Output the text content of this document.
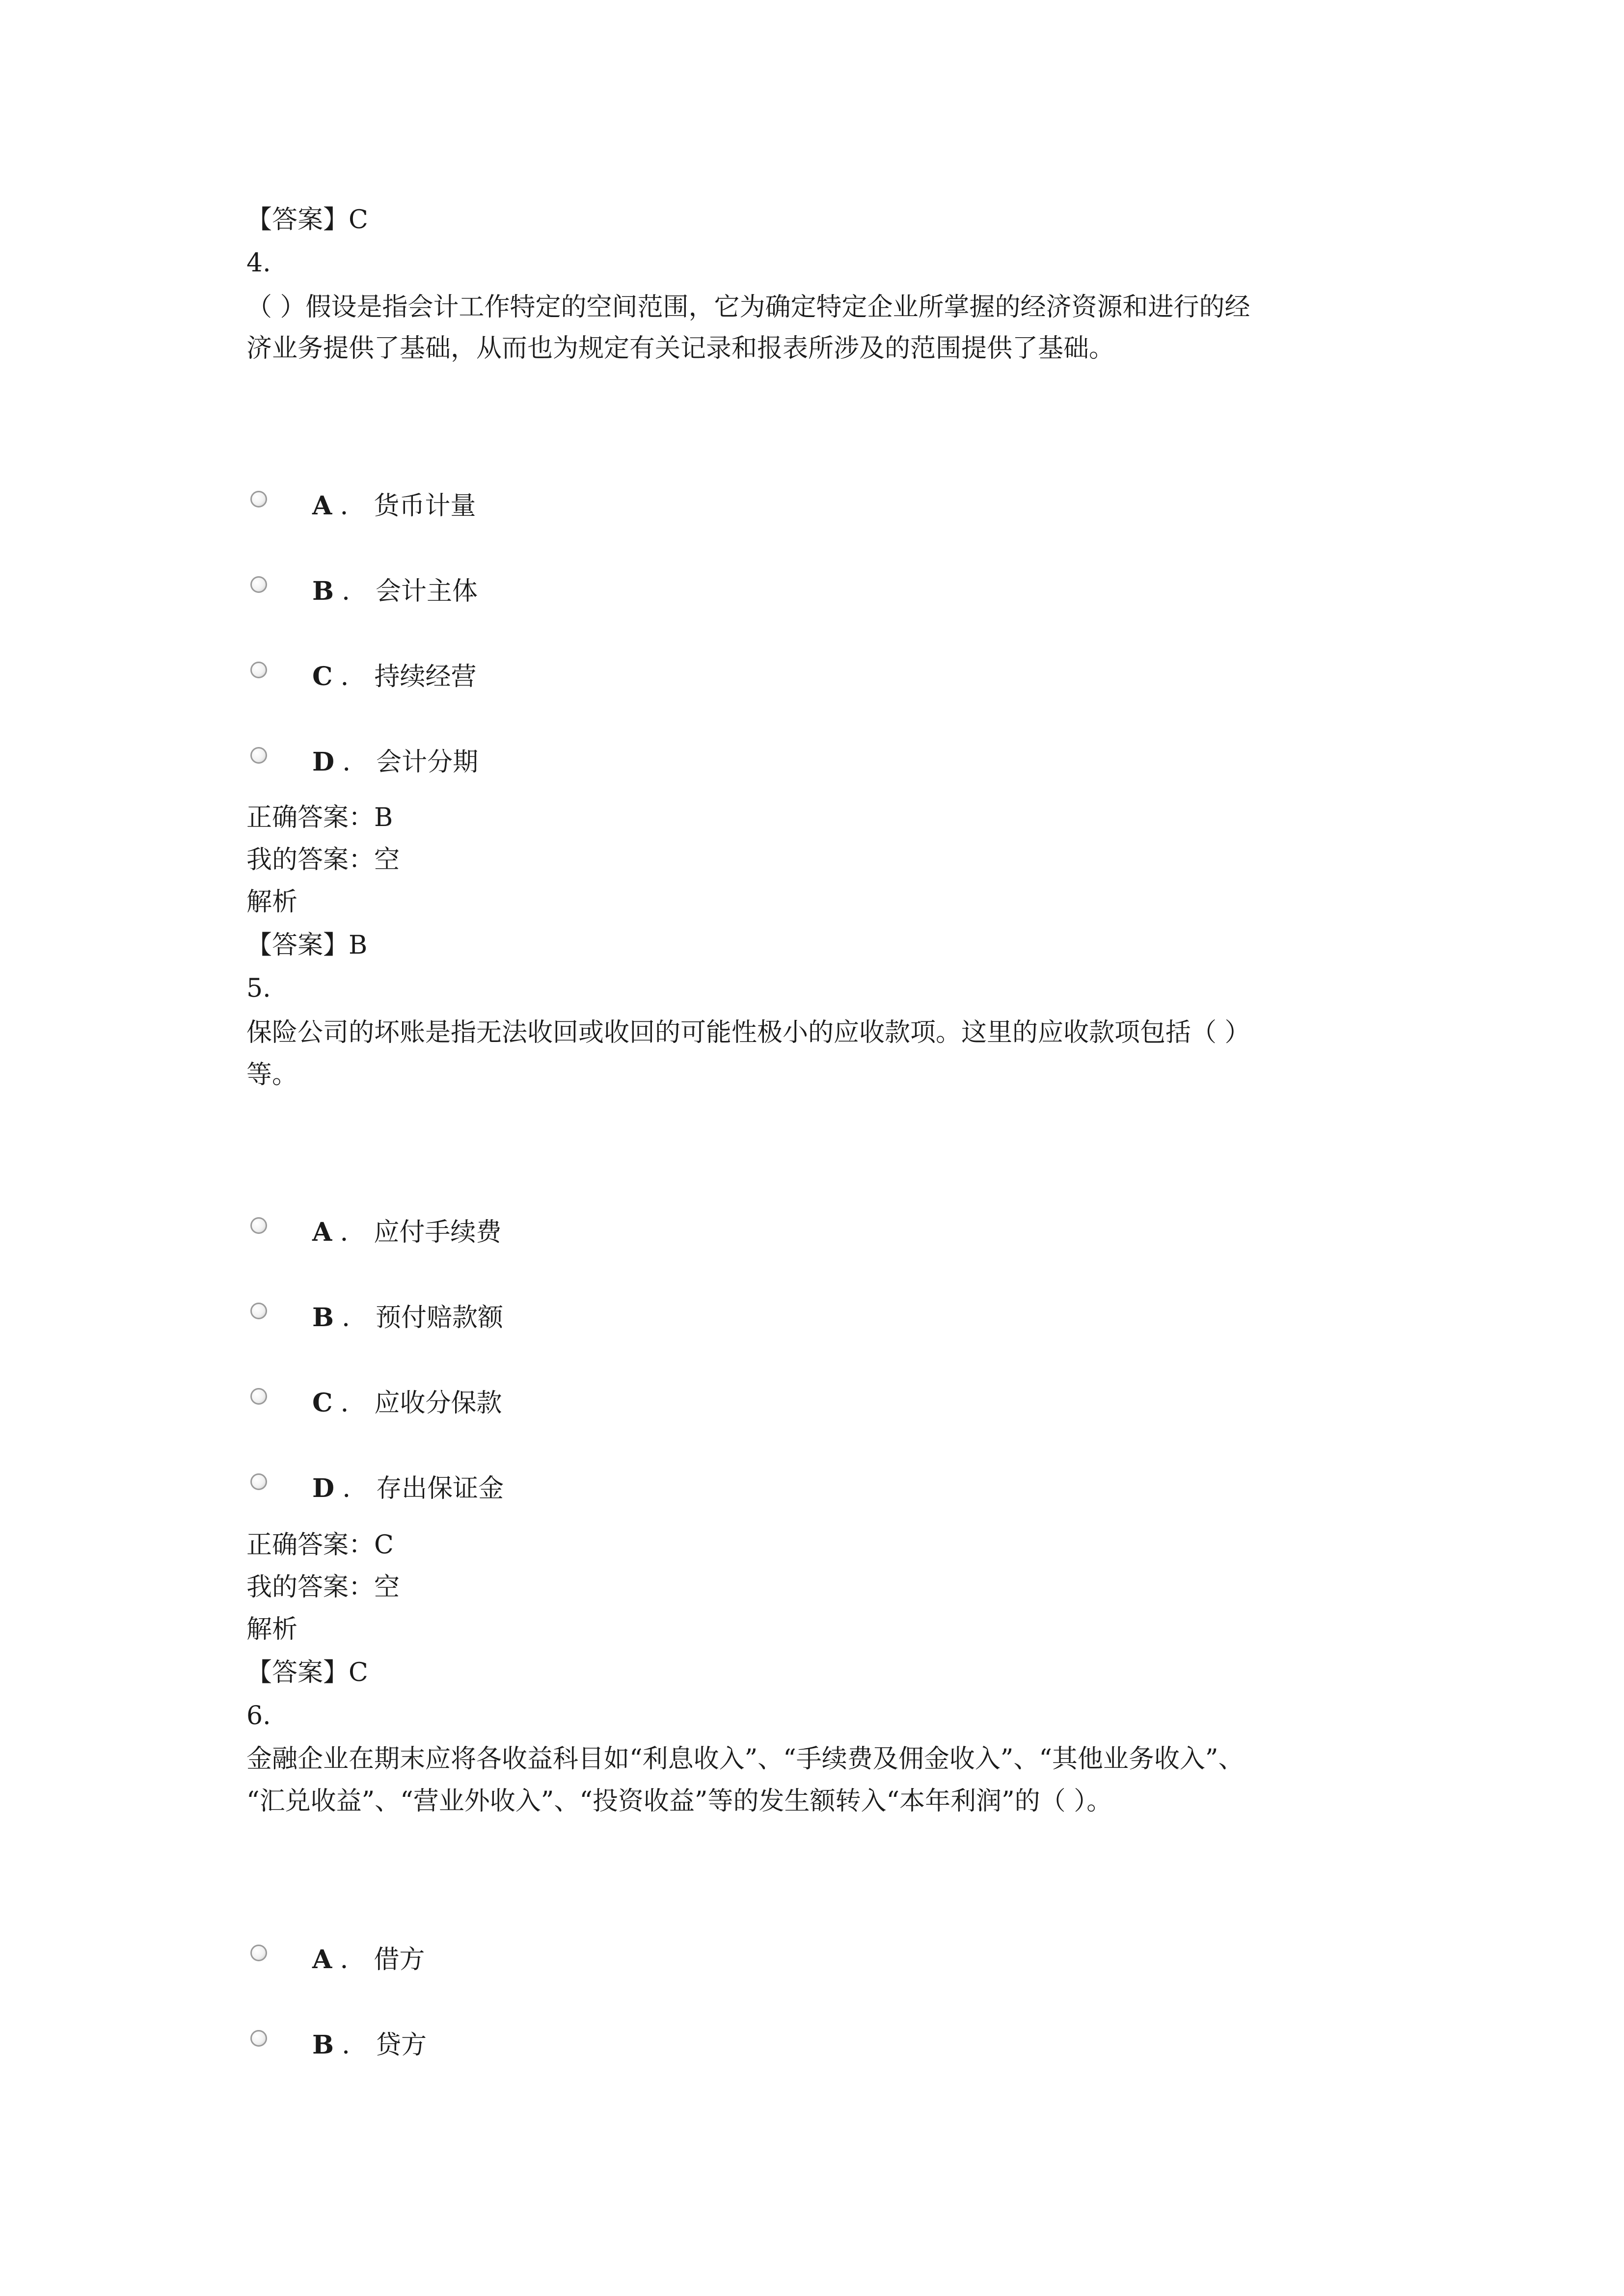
【答案】C
4.
（ ）假设是指会计工作特定的空间范围，它为确定特定企业所掌握的经济资源和进行的经
济业务提供了基础，从而也为规定有关记录和报表所涉及的范围提供了基础。
A ． 货币计量
B ． 会计主体
C ． 持续经营
D ． 会计分期
正确答案：B
我的答案：空
解析
【答案】B
5.
保险公司的坏账是指无法收回或收回的可能性极小的应收款项。这里的应收款项包括（ ）
等。
A ． 应付手续费
B ． 预付赔款额
C ． 应收分保款
D ． 存出保证金
正确答案：C
我的答案：空
解析
【答案】C
6.
金融企业在期末应将各收益科目如“利息收入”、“手续费及佣金收入”、“其他业务收入”、
“汇兑收益”、“营业外收入”、“投资收益”等的发生额转入“本年利润”的（ ）。
A ． 借方
B ． 贷方
